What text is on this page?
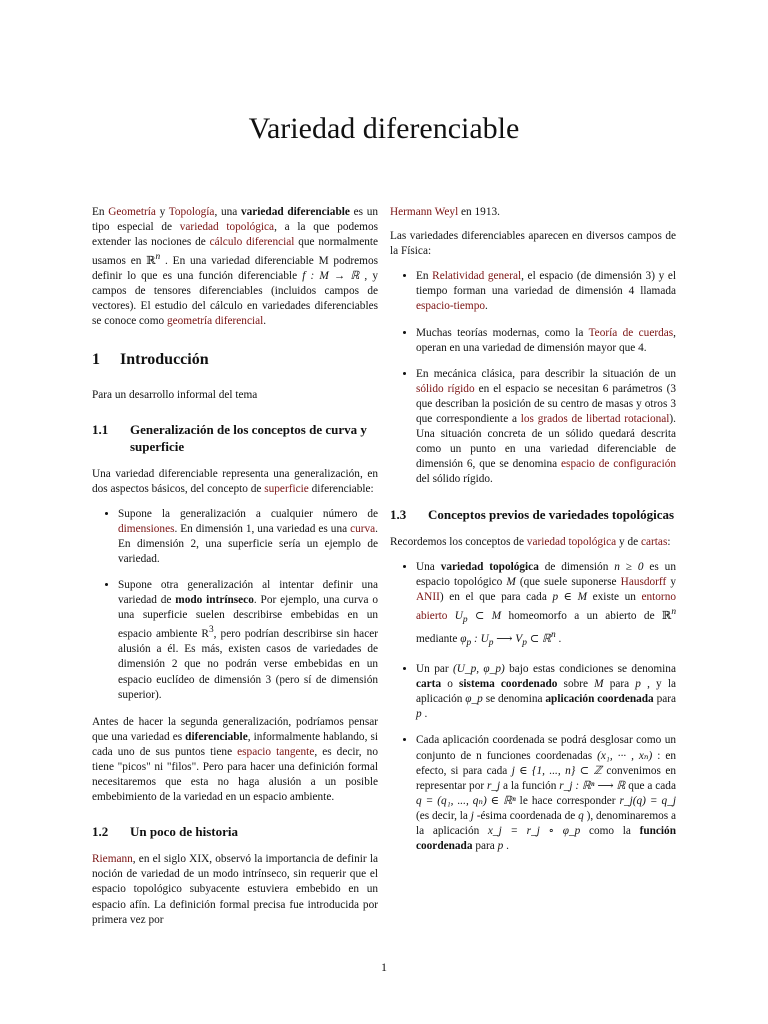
Variedad diferenciable

En Geometría y Topología, una variedad diferenciable es un tipo especial de variedad topológica, a la que podemos extender las nociones de cálculo diferencial que normalmente usamos en ℝ$^n$ . En una variedad diferenciable M podremos definir lo que es una función diferenciable f : M → ℝ , y campos de tensores diferenciables (incluidos campos de vectores). El estudio del cálculo en variedades diferenciables se conoce como geometría diferencial.

1 Introducción

Para un desarrollo informal del tema

1.1	Generalización de los conceptos de curva y superficie

Una variedad diferenciable representa una generalización, en dos aspectos básicos, del concepto de superficie diferenciable:

• Supone la generalización a cualquier número de dimensiones. En dimensión 1, una variedad es una curva. En dimensión 2, una superficie sería un ejemplo de variedad.
• Supone otra generalización al intentar definir una variedad de modo intrínseco. Por ejemplo, una curva o una superficie suelen describirse embebidas en un espacio ambiente $R^3$, pero podrían describirse sin hacer alusión a él. Es más, existen casos de variedades de dimensión 2 que no podrán verse embebidas en un espacio euclídeo de dimensión 3 (pero sí de dimensión superior).

Antes de hacer la segunda generalización, podríamos pensar que una variedad es diferenciable, informalmente hablando, si cada uno de sus puntos tiene espacio tangente, es decir, no tiene "picos" ni "filos". Pero para hacer una definición formal necesitaremos que esta no haga alusión a un posible embebimiento de la variedad en un espacio ambiente.

1.2	Un poco de historia

Riemann, en el siglo XIX, observó la importancia de definir la noción de variedad de un modo intrínseco, sin requerir que el espacio topológico subyacente estuviera embebido en un espacio afín. La definición formal precisa fue introducida por primera vez por

Hermann Weyl en 1913.

Las variedades diferenciables aparecen en diversos campos de la Física:

• En Relatividad general, el espacio (de dimensión 3) y el tiempo forman una variedad de dimensión 4 llamada espacio-tiempo.
• Muchas teorías modernas, como la Teoría de cuerdas, operan en una variedad de dimensión mayor que 4.
• En mecánica clásica, para describir la situación de un sólido rígido en el espacio se necesitan 6 parámetros (3 que describan la posición de su centro de masas y otros 3 que correspondiente a los grados de libertad rotacional). Una situación concreta de un sólido quedará descrita como un punto en una variedad diferenciable de dimensión 6, que se denomina espacio de configuración del sólido rígido.
1.3	Conceptos previos de variedades topológicas

Recordemos los conceptos de variedad topológica y de cartas:

• Una variedad topológica de dimensión n ≥ 0 es un espacio topológico M (que suele suponerse Hausdorff y ANII) en el que para cada p ∈ M existe un entorno abierto $U_p$ ⊂ M homeomorfo a un abierto de ℝ$^n$ mediante $\varphi_p$ : $U_p$ ⟶ $V_p$ ⊂ ℝ$^n$ .
• Un par (U_p, φ_p) bajo estas condiciones se denomina carta o sistema coordenado sobre M para p , y la aplicación φ_p se denomina aplicación coordenada para p .
• Cada aplicación coordenada se podrá desglosar como un conjunto de n funciones coordenadas (x₁, ··· , xₙ) : en efecto, si para cada j ∈ {1, ..., n} ⊂ ℤ convenimos en representar por r_j a la función r_j : ℝⁿ ⟶ ℝ que a cada q = (q₁, ..., qₙ) ∈ ℝⁿ le hace corresponder r_j(q) = q_j (es decir, la j -ésima coordenada de q ), denominaremos a la aplicación x_j = r_j ∘ φ_p como la función coordenada para p .
1
